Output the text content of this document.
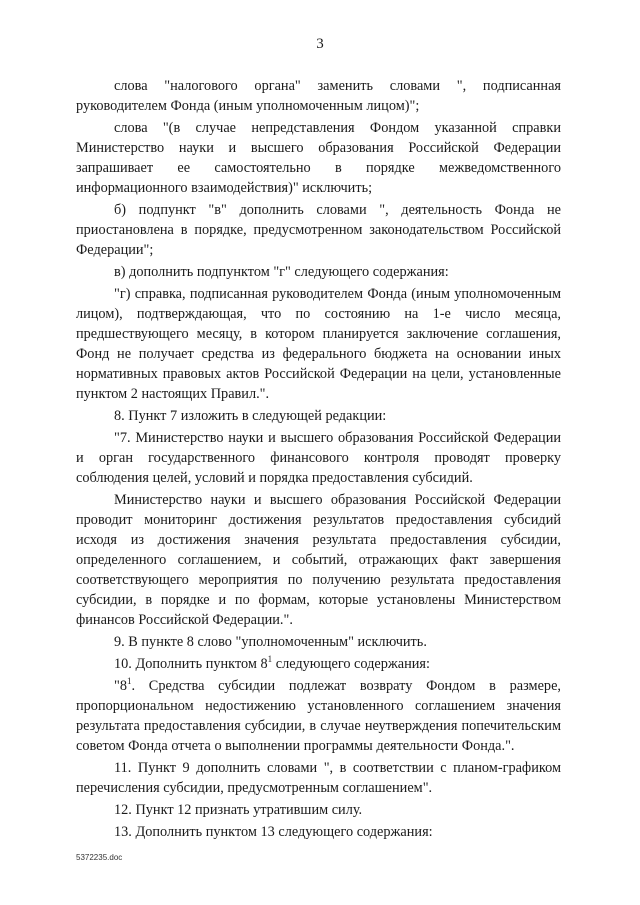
3

слова "налогового органа" заменить словами ", подписанная руководителем Фонда (иным уполномоченным лицом)";

слова "(в случае непредставления Фондом указанной справки Министерство науки и высшего образования Российской Федерации запрашивает ее самостоятельно в порядке межведомственного информационного взаимодействия)" исключить;

б) подпункт "в" дополнить словами ", деятельность Фонда не приостановлена в порядке, предусмотренном законодательством Российской Федерации";

в) дополнить подпунктом "г" следующего содержания:

"г) справка, подписанная руководителем Фонда (иным уполномоченным лицом), подтверждающая, что по состоянию на 1-е число месяца, предшествующего месяцу, в котором планируется заключение соглашения, Фонд не получает средства из федерального бюджета на основании иных нормативных правовых актов Российской Федерации на цели, установленные пунктом 2 настоящих Правил.".

8. Пункт 7 изложить в следующей редакции:

"7. Министерство науки и высшего образования Российской Федерации и орган государственного финансового контроля проводят проверку соблюдения целей, условий и порядка предоставления субсидий.

Министерство науки и высшего образования Российской Федерации проводит мониторинг достижения результатов предоставления субсидий исходя из достижения значения результата предоставления субсидии, определенного соглашением, и событий, отражающих факт завершения соответствующего мероприятия по получению результата предоставления субсидии, в порядке и по формам, которые установлены Министерством финансов Российской Федерации.".

9. В пункте 8 слово "уполномоченным" исключить.

10. Дополнить пунктом $8^1$ следующего содержания:

"$8^1$. Средства субсидии подлежат возврату Фондом в размере, пропорциональном недостижению установленного соглашением значения результата предоставления субсидии, в случае неутверждения попечительским советом Фонда отчета о выполнении программы деятельности Фонда.".

11. Пункт 9 дополнить словами ", в соответствии с планом-графиком перечисления субсидии, предусмотренным соглашением".

12. Пункт 12 признать утратившим силу.

13. Дополнить пунктом 13 следующего содержания:

5372235.doc
